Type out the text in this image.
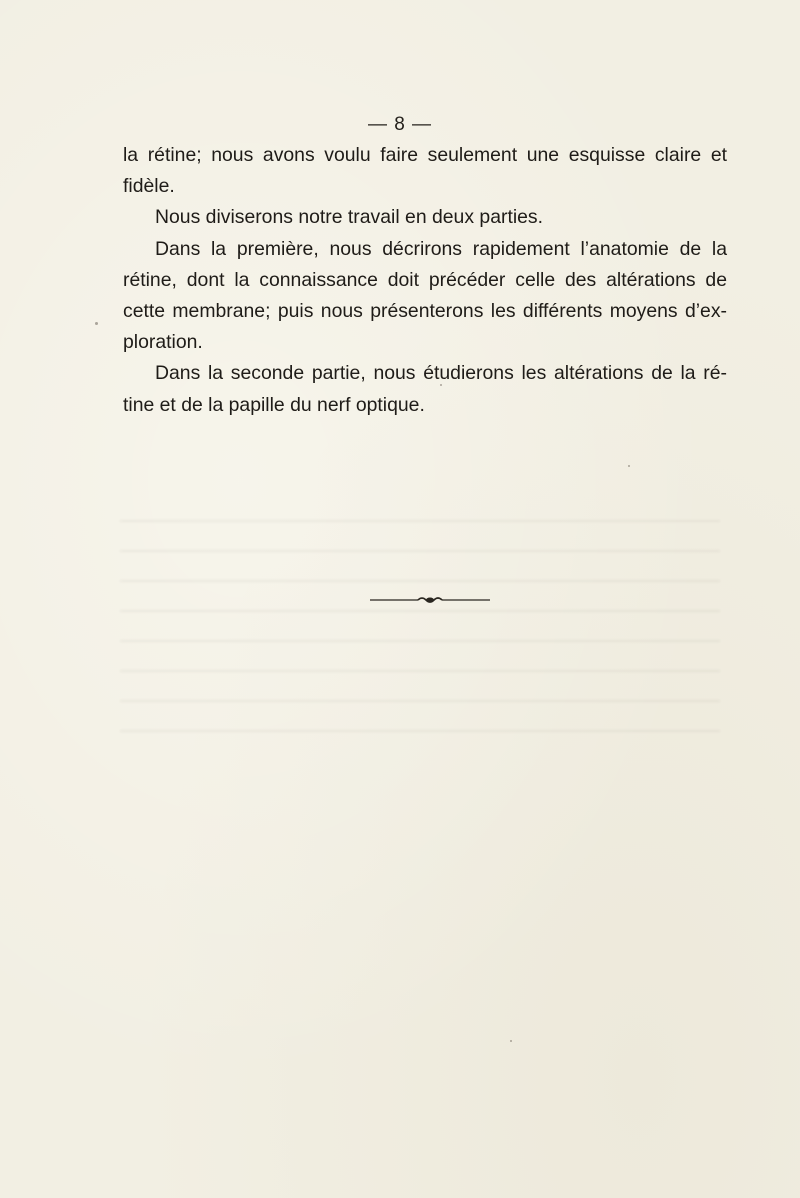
— 8 —
la rétine; nous avons voulu faire seulement une esquisse claire et
fidèle.
Nous diviserons notre travail en deux parties.
Dans la première, nous décrirons rapidement l’anatomie de la
rétine, dont la connaissance doit précéder celle des altérations de
cette membrane; puis nous présenterons les différents moyens d’ex-
ploration.
Dans la seconde partie, nous étudierons les altérations de la ré-
tine et de la papille du nerf optique.
